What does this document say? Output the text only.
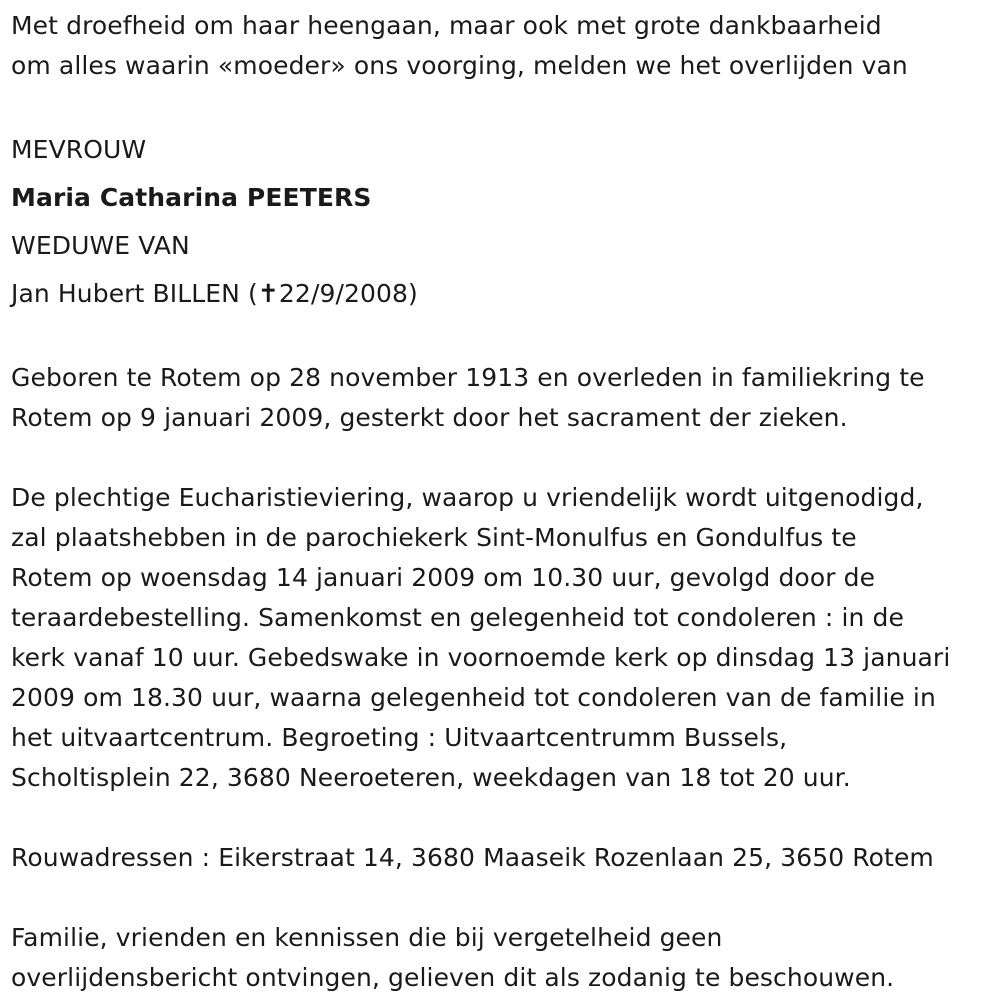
Met droefheid om haar heengaan, maar ook met grote dankbaarheid
om alles waarin «moeder» ons voorging, melden we het overlijden van
MEVROUW
Maria Catharina PEETERS
WEDUWE VAN
Jan Hubert BILLEN (✝22/9/2008)
Geboren te Rotem op 28 november 1913 en overleden in familiekring te
Rotem op 9 januari 2009, gesterkt door het sacrament der zieken.
De plechtige Eucharistieviering, waarop u vriendelijk wordt uitgenodigd,
zal plaatshebben in de parochiekerk Sint-Monulfus en Gondulfus te
Rotem op woensdag 14 januari 2009 om 10.30 uur, gevolgd door de
teraardebestelling. Samenkomst en gelegenheid tot condoleren : in de
kerk vanaf 10 uur. Gebedswake in voornoemde kerk op dinsdag 13 januari
2009 om 18.30 uur, waarna gelegenheid tot condoleren van de familie in
het uitvaartcentrum. Begroeting : Uitvaartcentrumm Bussels,
Scholtisplein 22, 3680 Neeroeteren, weekdagen van 18 tot 20 uur.
Rouwadressen : Eikerstraat 14, 3680 Maaseik Rozenlaan 25, 3650 Rotem
Familie, vrienden en kennissen die bij vergetelheid geen
overlijdensbericht ontvingen, gelieven dit als zodanig te beschouwen.
